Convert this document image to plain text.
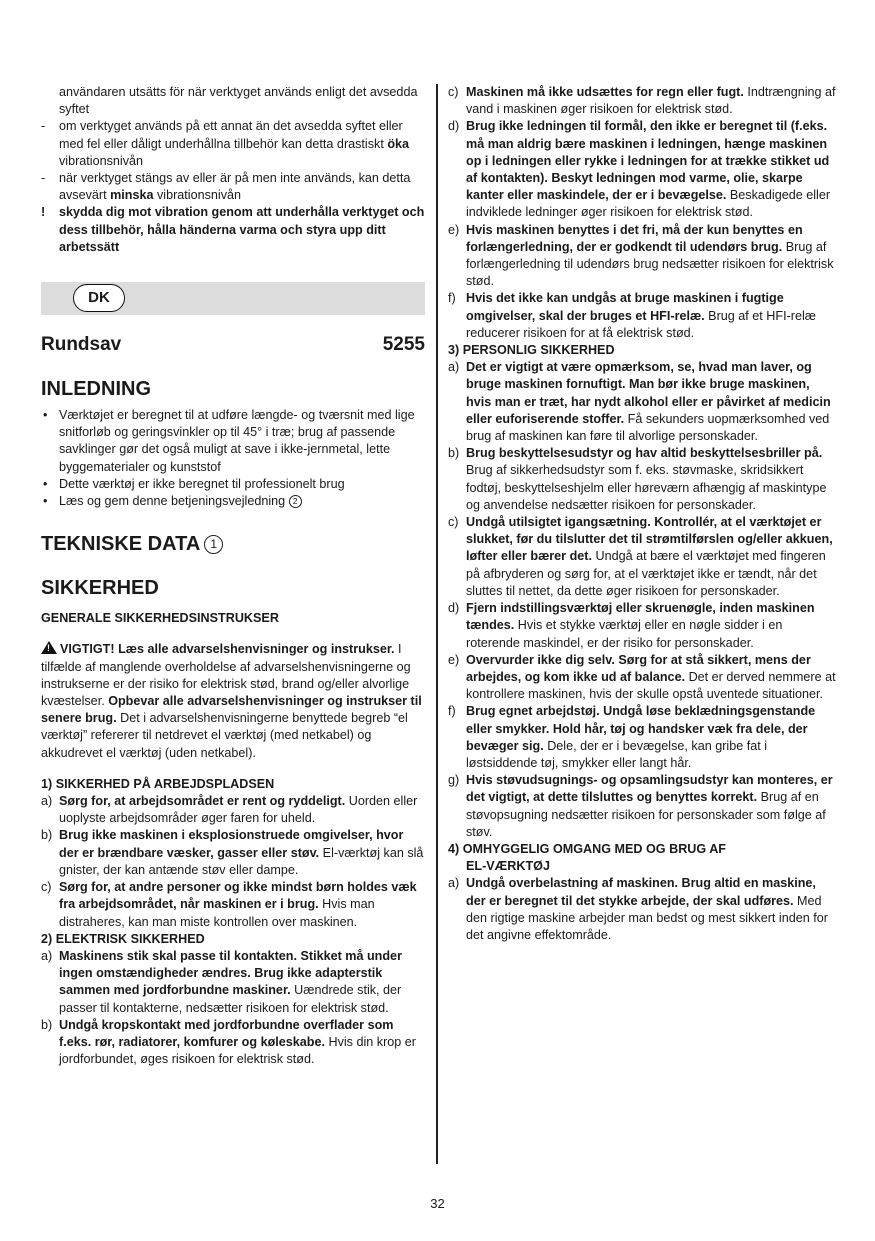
användaren utsätts för när verktyget används enligt det avsedda syftet

- om verktyget används på ett annat än det avsedda syftet eller med fel eller dåligt underhållna tillbehör kan detta drastiskt öka vibrationsnivån

- när verktyget stängs av eller är på men inte används, kan detta avsevärt minska vibrationsnivån

! skydda dig mot vibration genom att underhålla verktyget och dess tillbehör, hålla händerna varma och styra upp ditt arbetssätt

DK
Rundsav	5255
INLEDNING

• Værktøjet er beregnet til at udføre længde- og tværsnit med lige snitforløb og geringsvinkler op til 45° i træ; brug af passende savklinger gør det også muligt at save i ikke-jernmetal, lette byggematerialer og kunststof

• Dette værktøj er ikke beregnet til professionelt brug

• Læs og gem denne betjeningsvejledning 2

TEKNISKE DATA 1
SIKKERHED
GENERALE SIKKERHEDSINSTRUKSER

!VIGTIGT! Læs alle advarselshenvisninger og instrukser. I tilfælde af manglende overholdelse af advarselshenvisningerne og instrukserne er der risiko for elektrisk stød, brand og/eller alvorlige kvæstelser. Opbevar alle advarselshenvisninger og instrukser til senere brug. Det i advarselshenvisningerne benyttede begreb “el værktøj” refererer til netdrevet el værktøj (med netkabel) og akkudrevet el værktøj (uden netkabel).

1) SIKKERHED PÅ ARBEJDSPLADSEN

a) Sørg for, at arbejdsområdet er rent og ryddeligt. Uorden eller uoplyste arbejdsområder øger faren for uheld.

b) Brug ikke maskinen i eksplosionstruede omgivelser, hvor der er brændbare væsker, gasser eller støv. El-værktøj kan slå gnister, der kan antænde støv eller dampe.

c) Sørg for, at andre personer og ikke mindst børn holdes væk fra arbejdsområdet, når maskinen er i brug. Hvis man distraheres, kan man miste kontrollen over maskinen.

2) ELEKTRISK SIKKERHED

a) Maskinens stik skal passe til kontakten. Stikket må under ingen omstændigheder ændres. Brug ikke adapterstik sammen med jordforbundne maskiner. Uændrede stik, der passer til kontakterne, nedsætter risikoen for elektrisk stød.

b) Undgå kropskontakt med jordforbundne overflader som f.eks. rør, radiatorer, komfurer og køleskabe. Hvis din krop er jordforbundet, øges risikoen for elektrisk stød.

c) Maskinen må ikke udsættes for regn eller fugt. Indtrængning af vand i maskinen øger risikoen for elektrisk stød.

d) Brug ikke ledningen til formål, den ikke er beregnet til (f.eks. må man aldrig bære maskinen i ledningen, hænge maskinen op i ledningen eller rykke i ledningen for at trække stikket ud af kontakten). Beskyt ledningen mod varme, olie, skarpe kanter eller maskindele, der er i bevægelse. Beskadigede eller indviklede ledninger øger risikoen for elektrisk stød.

e) Hvis maskinen benyttes i det fri, må der kun benyttes en forlængerledning, der er godkendt til udendørs brug. Brug af forlængerledning til udendørs brug nedsætter risikoen for elektrisk stød.

f) Hvis det ikke kan undgås at bruge maskinen i fugtige omgivelser, skal der bruges et HFI-relæ. Brug af et HFI-relæ reducerer risikoen for at få elektrisk stød.

3) PERSONLIG SIKKERHED

a) Det er vigtigt at være opmærksom, se, hvad man laver, og bruge maskinen fornuftigt. Man bør ikke bruge maskinen, hvis man er træt, har nydt alkohol eller er påvirket af medicin eller euforiserende stoffer. Få sekunders uopmærksomhed ved brug af maskinen kan føre til alvorlige personskader.

b) Brug beskyttelsesudstyr og hav altid beskyttelsesbriller på. Brug af sikkerhedsudstyr som f. eks. støvmaske, skridsikkert fodtøj, beskyttelseshjelm eller høreværn afhængig af maskintype og anvendelse nedsætter risikoen for personskader.

c) Undgå utilsigtet igangsætning. Kontrollér, at el værktøjet er slukket, før du tilslutter det til strømtilførslen og/eller akkuen, løfter eller bærer det. Undgå at bære el værktøjet med fingeren på afbryderen og sørg for, at el værktøjet ikke er tændt, når det sluttes til nettet, da dette øger risikoen for personskader.

d) Fjern indstillingsværktøj eller skruenøgle, inden maskinen tændes. Hvis et stykke værktøj eller en nøgle sidder i en roterende maskindel, er der risiko for personskader.

e) Overvurder ikke dig selv. Sørg for at stå sikkert, mens der arbejdes, og kom ikke ud af balance. Det er derved nemmere at kontrollere maskinen, hvis der skulle opstå uventede situationer.

f) Brug egnet arbejdstøj. Undgå løse beklædningsgenstande eller smykker. Hold hår, tøj og handsker væk fra dele, der bevæger sig. Dele, der er i bevægelse, kan gribe fat i løstsiddende tøj, smykker eller langt hår.

g) Hvis støvudsugnings- og opsamlingsudstyr kan monteres, er det vigtigt, at dette tilsluttes og benyttes korrekt. Brug af en støvopsugning nedsætter risikoen for personskader som følge af støv.

4) OMHYGGELIG OMGANG MED OG BRUG AF
EL-VÆRKTØJ

a) Undgå overbelastning af maskinen. Brug altid en maskine, der er beregnet til det stykke arbejde, der skal udføres. Med den rigtige maskine arbejder man bedst og mest sikkert inden for det angivne effektområde.

32
